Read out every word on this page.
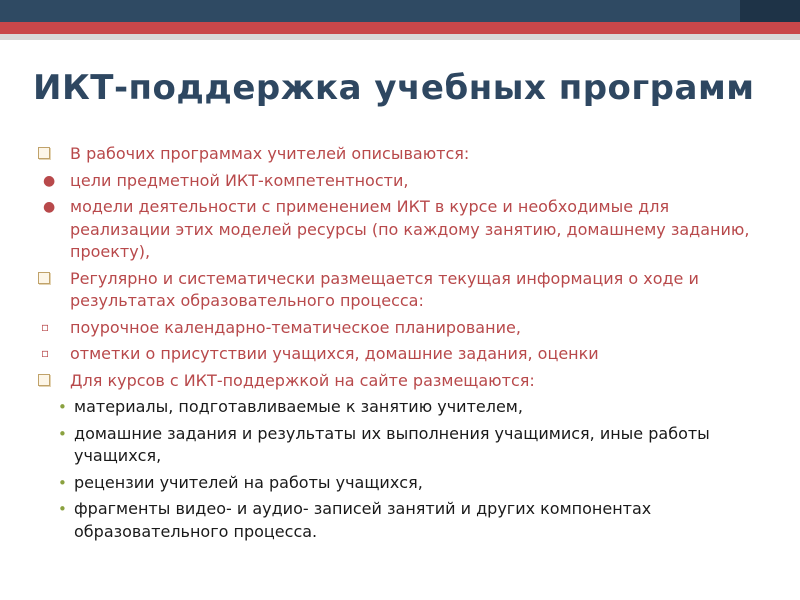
ИКТ-поддержка учебных программ
В рабочих программах учителей описываются:
● цели предметной ИКТ-компетентности,
● модели деятельности с применением ИКТ в курсе и необходимые для реализации этих моделей ресурсы (по каждому занятию, домашнему заданию, проекту),
Регулярно и систематически размещается текущая информация о ходе и результатах образовательного процесса:
▫ поурочное календарно-тематическое планирование,
▫ отметки о присутствии учащихся, домашние задания, оценки
Для курсов с ИКТ-поддержкой на сайте размещаются:
• материалы, подготавливаемые к занятию учителем,
• домашние задания и результаты их выполнения учащимися, иные работы учащихся,
• рецензии учителей на работы учащихся,
• фрагменты видео- и аудио- записей занятий и других компонентах образовательного процесса.
